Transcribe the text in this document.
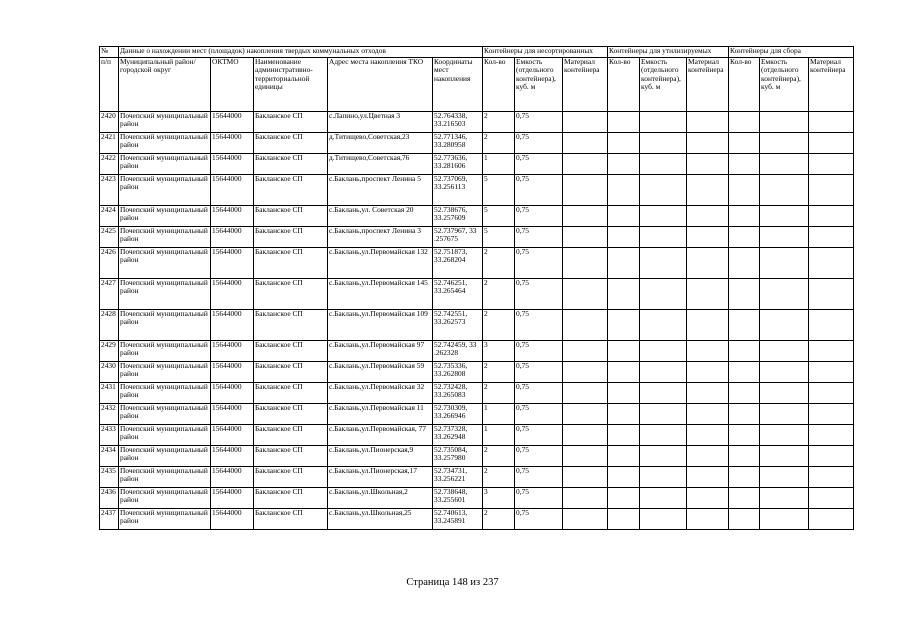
№	Данные о нахождении мест (площадок) накопления твердых коммунальных отходов					Контейнеры для несортированных			Контейнеры для утилизируемых			Контейнеры для сбора		
п/п	Муниципальный район/городской округ	ОКТМО	Наименование административно-территориальной единицы	Адрес места накопления ТКО	Координаты мест накопления	Кол-во	Емкость (отдельного контейнера), куб. м	Материал контейнера	Кол-во	Емкость (отдельного контейнера), куб. м	Материал контейнера	Кол-во	Емкость (отдельного контейнера), куб. м	Материал контейнера
2420	Почепский муниципальный район	15644000	Бакланское СП	с.Лапино,ул.Цветная 3	52.764338, 33.216503	2	0,75							
2421	Почепский муниципальный район	15644000	Бакланское СП	д.Титищево,Советская,23	52.771346, 33.280958	2	0,75							
2422	Почепский муниципальный район	15644000	Бакланское СП	д.Титищево,Советская,76	52.773636, 33.281606	1	0,75							
2423	Почепский муниципальный район	15644000	Бакланское СП	с.Баклань,проспект Ленина 5	52.737069, 33.256113	5	0,75							
2424	Почепский муниципальный район	15644000	Бакланское СП	с.Баклань,ул. Советская 20	52.738676, 33.257609	5	0,75							
2425	Почепский муниципальный район	15644000	Бакланское СП	с.Баклань,проспект Ленина 3	52.737967, 33 .257675	5	0,75							
2426	Почепский муниципальный район	15644000	Бакланское СП	с.Баклань,ул.Первомайская 132	52.751873, 33.268204	2	0,75							
2427	Почепский муниципальный район	15644000	Бакланское СП	с.Баклань,ул.Первомайская 145	52.746251, 33.265464	2	0,75							
2428	Почепский муниципальный район	15644000	Бакланское СП	с.Баклань,ул.Первомайская 109	52.742551, 33.262573	2	0,75							
2429	Почепский муниципальный район	15644000	Бакланское СП	с.Баклань,ул.Первомайская 97	52.742459, 33 .262328	3	0,75							
2430	Почепский муниципальный район	15644000	Бакланское СП	с.Баклань,ул.Первомайская 59	52.735336, 33.262808	2	0,75							
2431	Почепский муниципальный район	15644000	Бакланское СП	с.Баклань,ул.Первомайская 32	52.732428, 33.265083	2	0,75							
2432	Почепский муниципальный район	15644000	Бакланское СП	с.Баклань,ул.Первомайская 11	52.730309, 33.266946	1	0,75							
2433	Почепский муниципальный район	15644000	Бакланское СП	с.Баклань,ул.Первомайская, 77	52.737328, 33.262948	1	0,75							
2434	Почепский муниципальный район	15644000	Бакланское СП	с.Баклань,ул.Пионерская,9	52.735084, 33.257980	2	0,75							
2435	Почепский муниципальный район	15644000	Бакланское СП	с.Баклань,ул.Пионерская,17	52.734731, 33.256221	2	0,75							
2436	Почепский муниципальный район	15644000	Бакланское СП	с.Баклань,ул.Школьная,2	52.738648, 33.255601	3	0,75							
2437	Почепский муниципальный район	15644000	Бакланское СП	с.Баклань,ул.Школьная,25	52.740613, 33.245891	2	0,75							
Страница 148 из 237
